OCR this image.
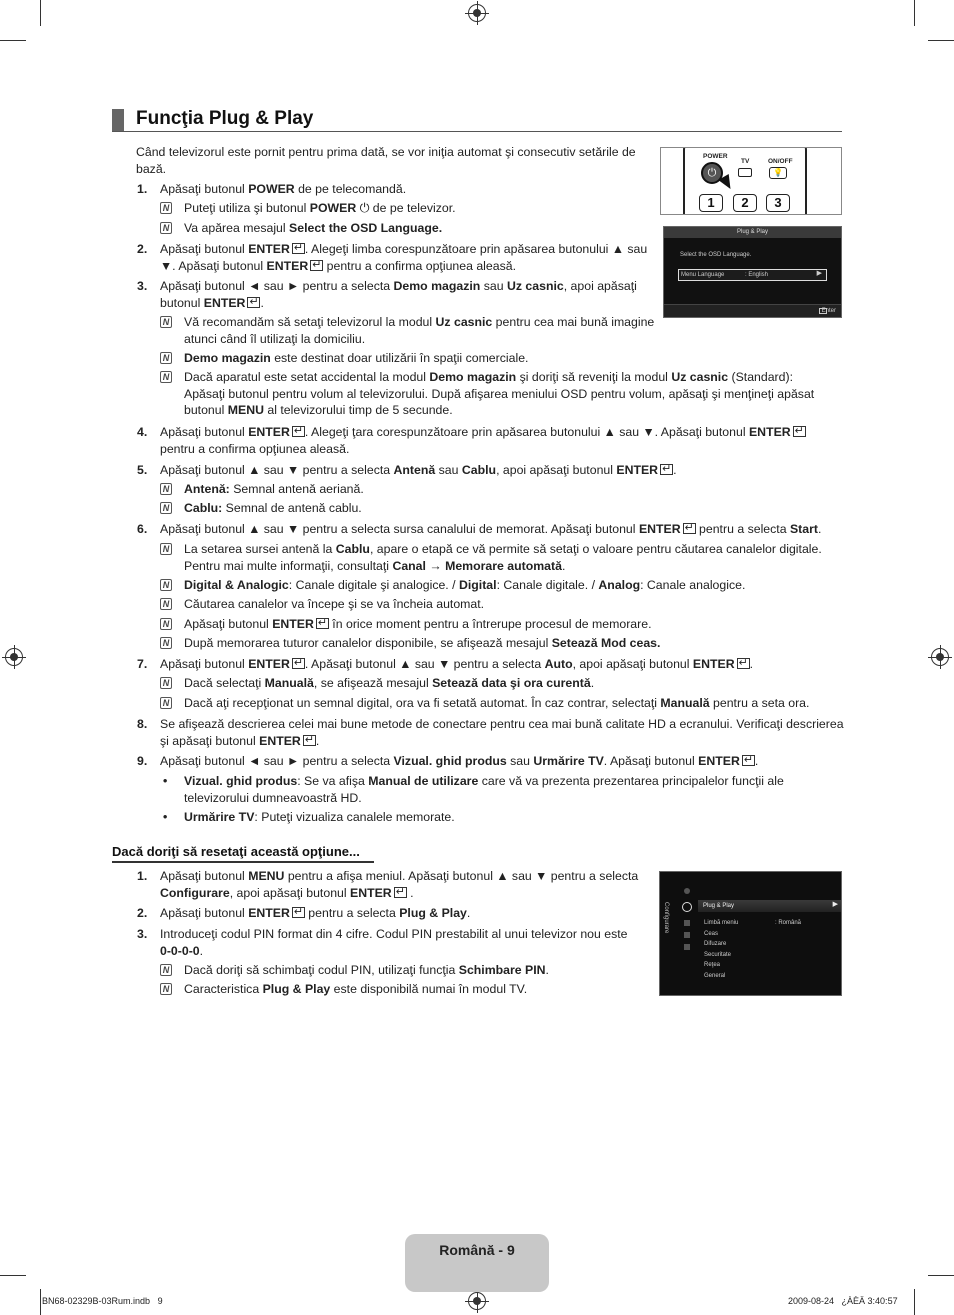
Funcţia Plug & Play
POWER
TV	ON/OFF
⏻	💡
1	2	3
Plug & Play
Select the OSD Language.
Menu Language	: English	▶
Enter
Configurare	Plug & Play	▶
Limbă meniu
Ceas
Difuzare
Securitate
Reţea
General
: Română
Când televizorul este pornit pentru prima dată, se vor iniţia automat şi consecutiv setările de bază.
1. Apăsaţi butonul POWER de pe telecomandă.
N Puteţi utiliza şi butonul POWER ⏻ de pe televizor.
N Va apărea mesajul Select the OSD Language.
2. Apăsaţi butonul ENTER ↵ . Alegeţi limba corespunzătoare prin apăsarea butonului ▲ sau ▼. Apăsaţi butonul ENTER↵ pentru a confirma opţiunea aleasă.
3. Apăsaţi butonul ◄ sau ► pentru a selecta Demo magazin sau Uz casnic, apoi apăsaţi butonul ENTER ↵ .
N Vă recomandăm să setaţi televizorul la modul Uz casnic pentru cea mai bună imagine atunci când îl utilizaţi la domiciliu.
N Demo magazin este destinat doar utilizării în spaţii comerciale.
N Dacă aparatul este setat accidental la modul Demo magazin şi doriţi să reveniţi la modul Uz casnic (Standard): Apăsaţi butonul pentru volum al televizorului. După afişarea meniului OSD pentru volum, apăsaţi şi menţineţi apăsat butonul MENU al televizorului timp de 5 secunde.
4. Apăsaţi butonul ENTER ↵ . Alegeţi ţara corespunzătoare prin apăsarea butonului ▲ sau ▼. Apăsaţi butonul ENTER↵ pentru a confirma opţiunea aleasă.
5. Apăsaţi butonul ▲ sau ▼ pentru a selecta Antenă sau Cablu, apoi apăsaţi butonul ENTER ↵ .
N Antenă: Semnal antenă aeriană.
N Cablu: Semnal de antenă cablu.
6. Apăsaţi butonul ▲ sau ▼ pentru a selecta sursa canalului de memorat. Apăsaţi butonul ENTER↵ pentru a selecta Start.
N La setarea sursei antenă la Cablu, apare o etapă ce vă permite să setaţi o valoare pentru căutarea canalelor digitale. Pentru mai multe informaţii, consultaţi Canal → Memorare automată.
N Digital & Analogic: Canale digitale şi analogice. / Digital: Canale digitale. / Analog: Canale analogice.
N Căutarea canalelor va începe şi se va încheia automat.
N Apăsaţi butonul ENTER↵ în orice moment pentru a întrerupe procesul de memorare.
N După memorarea tuturor canalelor disponibile, se afişează mesajul Setează Mod ceas.
7. Apăsaţi butonul ENTER ↵ . Apăsaţi butonul ▲ sau ▼ pentru a selecta Auto, apoi apăsaţi butonul ENTER ↵ .
N Dacă selectaţi Manuală, se afişează mesajul Setează data şi ora curentă.
N Dacă aţi recepţionat un semnal digital, ora va fi setată automat. În caz contrar, selectaţi Manuală pentru a seta ora.
8. Se afişează descrierea celei mai bune metode de conectare pentru cea mai bună calitate HD a ecranului. Verificaţi descrierea şi apăsaţi butonul ENTER ↵ .
9. Apăsaţi butonul ◄ sau ► pentru a selecta Vizual. ghid produs sau Urmărire TV. Apăsaţi butonul ENTER ↵ .
• Vizual. ghid produs: Se va afişa Manual de utilizare care vă va prezenta prezentarea principalelor funcţii ale televizorului dumneavoastră HD.
• Urmărire TV: Puteţi vizualiza canalele memorate.
Dacă doriţi să resetaţi această opţiune...
1. Apăsaţi butonul MENU pentru a afişa meniul. Apăsaţi butonul ▲ sau ▼ pentru a selecta Configurare, apoi apăsaţi butonul ENTER↵ .
2. Apăsaţi butonul ENTER↵ pentru a selecta Plug & Play.
3. Introduceţi codul PIN format din 4 cifre. Codul PIN prestabilit al unui televizor nou este 0-0-0-0.
N Dacă doriţi să schimbaţi codul PIN, utilizaţi funcţia Schimbare PIN.
N Caracteristica Plug & Play este disponibilă numai în modul TV.
Română - 9
BN68-02329B-03Rum.indb   9	2009-08-24   ¿ÀÈÄ 3:40:57
